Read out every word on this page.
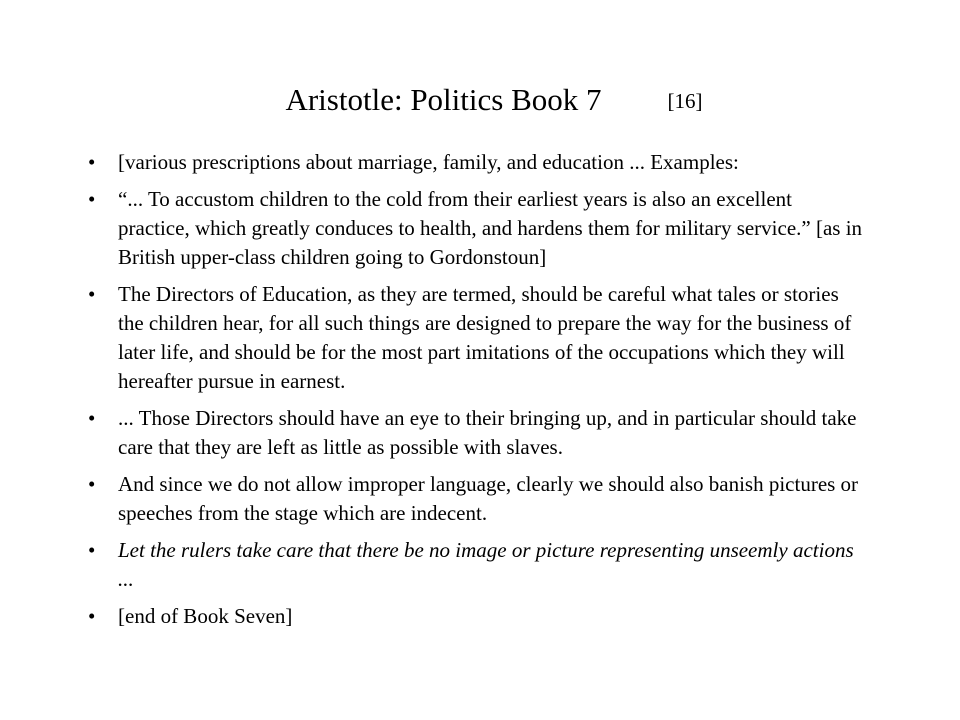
Aristotle: Politics Book 7	[16]
•	[various prescriptions about marriage, family, and education ... Examples:
•	“... To accustom children to the cold from their earliest years is also an excellent practice, which greatly conduces to health, and hardens them for military service.” [as in British upper-class children going to Gordonstoun]
•	The Directors of Education, as they are termed, should be careful what tales or stories the children hear, for all such things are designed to prepare the way for the business of later life, and should be for the most part imitations of the occupations which they will hereafter pursue in earnest.
•	... Those Directors should have an eye to their bringing up, and in particular should take care that they are left as little as possible with slaves.
•	And since we do not allow improper language, clearly we should also banish pictures or speeches from the stage which are indecent.
•	Let the rulers take care that there be no image or picture representing unseemly actions ...
•	[end of Book Seven]
